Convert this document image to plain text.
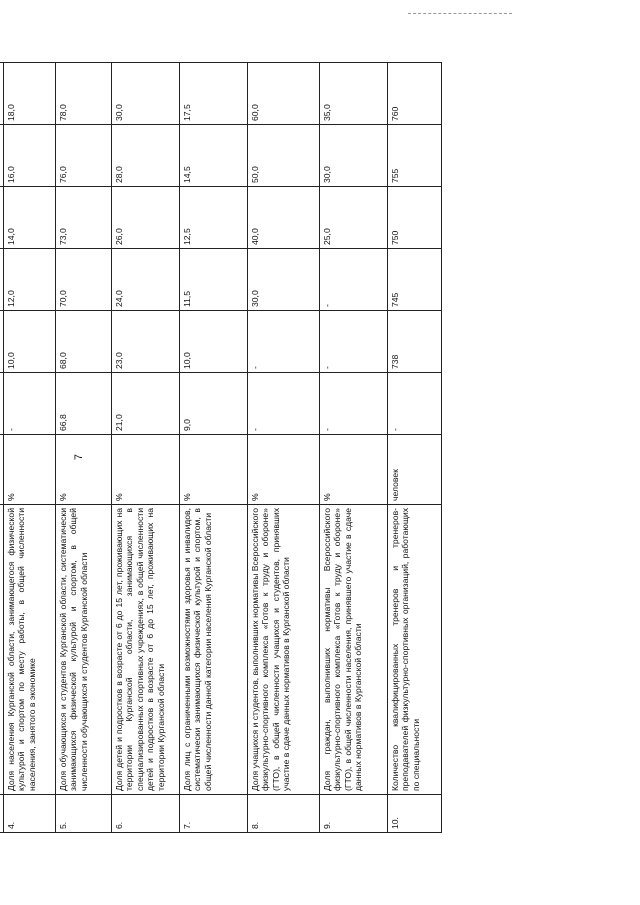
7

4.	Доля населения Курганской области, занимающегося физической культурой и спортом по месту работы, в общей численности населения, занятого в экономике	%	-	10,0	12,0	14,0	16,0	18,0
5.	Доля обучающихся и студентов Курганской области, систематически занимающихся физической культурой и спортом, в общей численности обучающихся и студентов Курганской области	%	66,8	68,0	70,0	73,0	76,0	78,0
6.	Доля детей и подростков в возрасте от 6 до 15 лет, проживающих на территории Курганской области, занимающихся в специализированных спортивных учреждениях, в общей численности детей и подростков в возрасте от 6 до 15 лет, проживающих на территории Курганской области	%	21,0	23,0	24,0	26,0	28,0	30,0
7.	Доля лиц с ограниченными возможностями здоровья и инвалидов, систематически занимающихся физической культурой и спортом, в общей численности данной категории населения Курганской области	%	9,0	10,0	11,5	12,5	14,5	17,5
8.	Доля учащихся и студентов, выполнивших нормативы Всероссийского физкультурно-спортивного комплекса «Готов к труду и обороне» (ГТО), в общей численности учащихся и студентов, принявших участие в сдаче данных нормативов в Курганской области	%	-	-	30,0	40,0	50,0	60,0
9.	Доля граждан, выполнивших нормативы Всероссийского физкультурно-спортивного комплекса «Готов к труду и обороне» (ГТО), в общей численности населения, принявшего участие в сдаче данных нормативов в Курганской области	%	-	-	-	25,0	30,0	35,0
10.	Количество квалифицированных тренеров и тренеров-преподавателей физкультурно-спортивных организаций, работающих по специальности	человек	-	738	745	750	755	760
